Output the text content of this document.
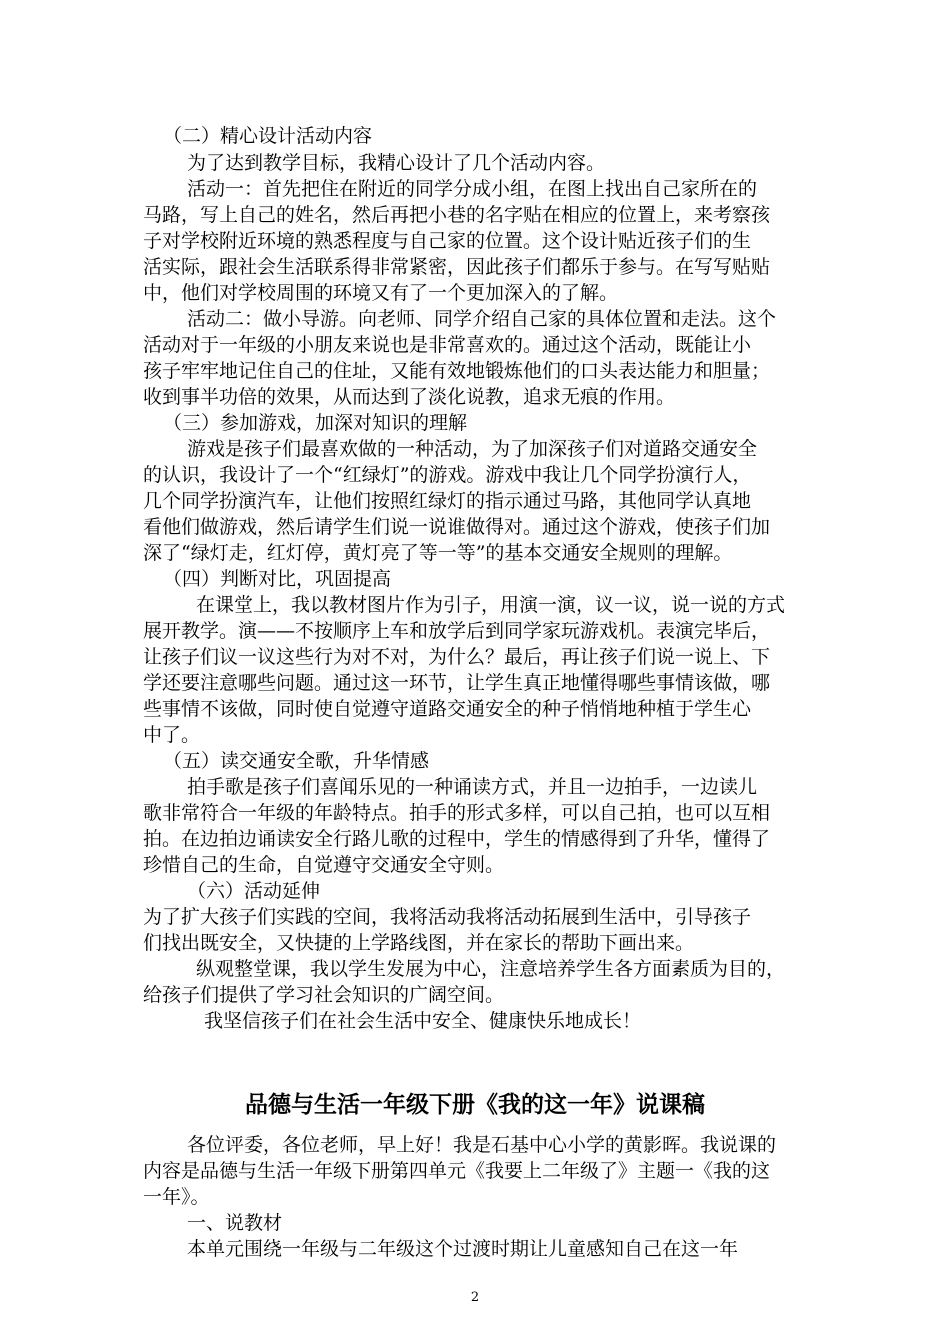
（二）精心设计活动内容
为了达到教学目标，我精心设计了几个活动内容。
活动一：首先把住在附近的同学分成小组，在图上找出自己家所在的
马路，写上自己的姓名，然后再把小巷的名字贴在相应的位置上，来考察孩
子对学校附近环境的熟悉程度与自己家的位置。这个设计贴近孩子们的生
活实际，跟社会生活联系得非常紧密，因此孩子们都乐于参与。在写写贴贴
中，他们对学校周围的环境又有了一个更加深入的了解。
活动二：做小导游。向老师、同学介绍自己家的具体位置和走法。这个
活动对于一年级的小朋友来说也是非常喜欢的。通过这个活动，既能让小
孩子牢牢地记住自己的住址，又能有效地锻炼他们的口头表达能力和胆量；
收到事半功倍的效果，从而达到了淡化说教，追求无痕的作用。
（三）参加游戏，加深对知识的理解
游戏是孩子们最喜欢做的一种活动，为了加深孩子们对道路交通安全
的认识，我设计了一个“红绿灯”的游戏。游戏中我让几个同学扮演行人，
几个同学扮演汽车，让他们按照红绿灯的指示通过马路，其他同学认真地
看他们做游戏，然后请学生们说一说谁做得对。通过这个游戏，使孩子们加
深了“绿灯走，红灯停，黄灯亮了等一等”的基本交通安全规则的理解。
（四）判断对比，巩固提高
在课堂上，我以教材图片作为引子，用演一演，议一议，说一说的方式
展开教学。演——不按顺序上车和放学后到同学家玩游戏机。表演完毕后，
让孩子们议一议这些行为对不对，为什么？最后，再让孩子们说一说上、下
学还要注意哪些问题。通过这一环节，让学生真正地懂得哪些事情该做，哪
些事情不该做，同时使自觉遵守道路交通安全的种子悄悄地种植于学生心
中了。
（五）读交通安全歌，升华情感
拍手歌是孩子们喜闻乐见的一种诵读方式，并且一边拍手，一边读儿
歌非常符合一年级的年龄特点。拍手的形式多样，可以自己拍，也可以互相
拍。在边拍边诵读安全行路儿歌的过程中，学生的情感得到了升华，懂得了
珍惜自己的生命，自觉遵守交通安全守则。
（六）活动延伸
为了扩大孩子们实践的空间，我将活动我将活动拓展到生活中，引导孩子
们找出既安全，又快捷的上学路线图，并在家长的帮助下画出来。
纵观整堂课，我以学生发展为中心，注意培养学生各方面素质为目的，
给孩子们提供了学习社会知识的广阔空间。
我坚信孩子们在社会生活中安全、健康快乐地成长！
品德与生活一年级下册《我的这一年》说课稿
各位评委，各位老师，早上好！我是石基中心小学的黄影晖。我说课的
内容是品德与生活一年级下册第四单元《我要上二年级了》主题一《我的这
一年》。
一、说教材
本单元围绕一年级与二年级这个过渡时期让儿童感知自己在这一年
2
